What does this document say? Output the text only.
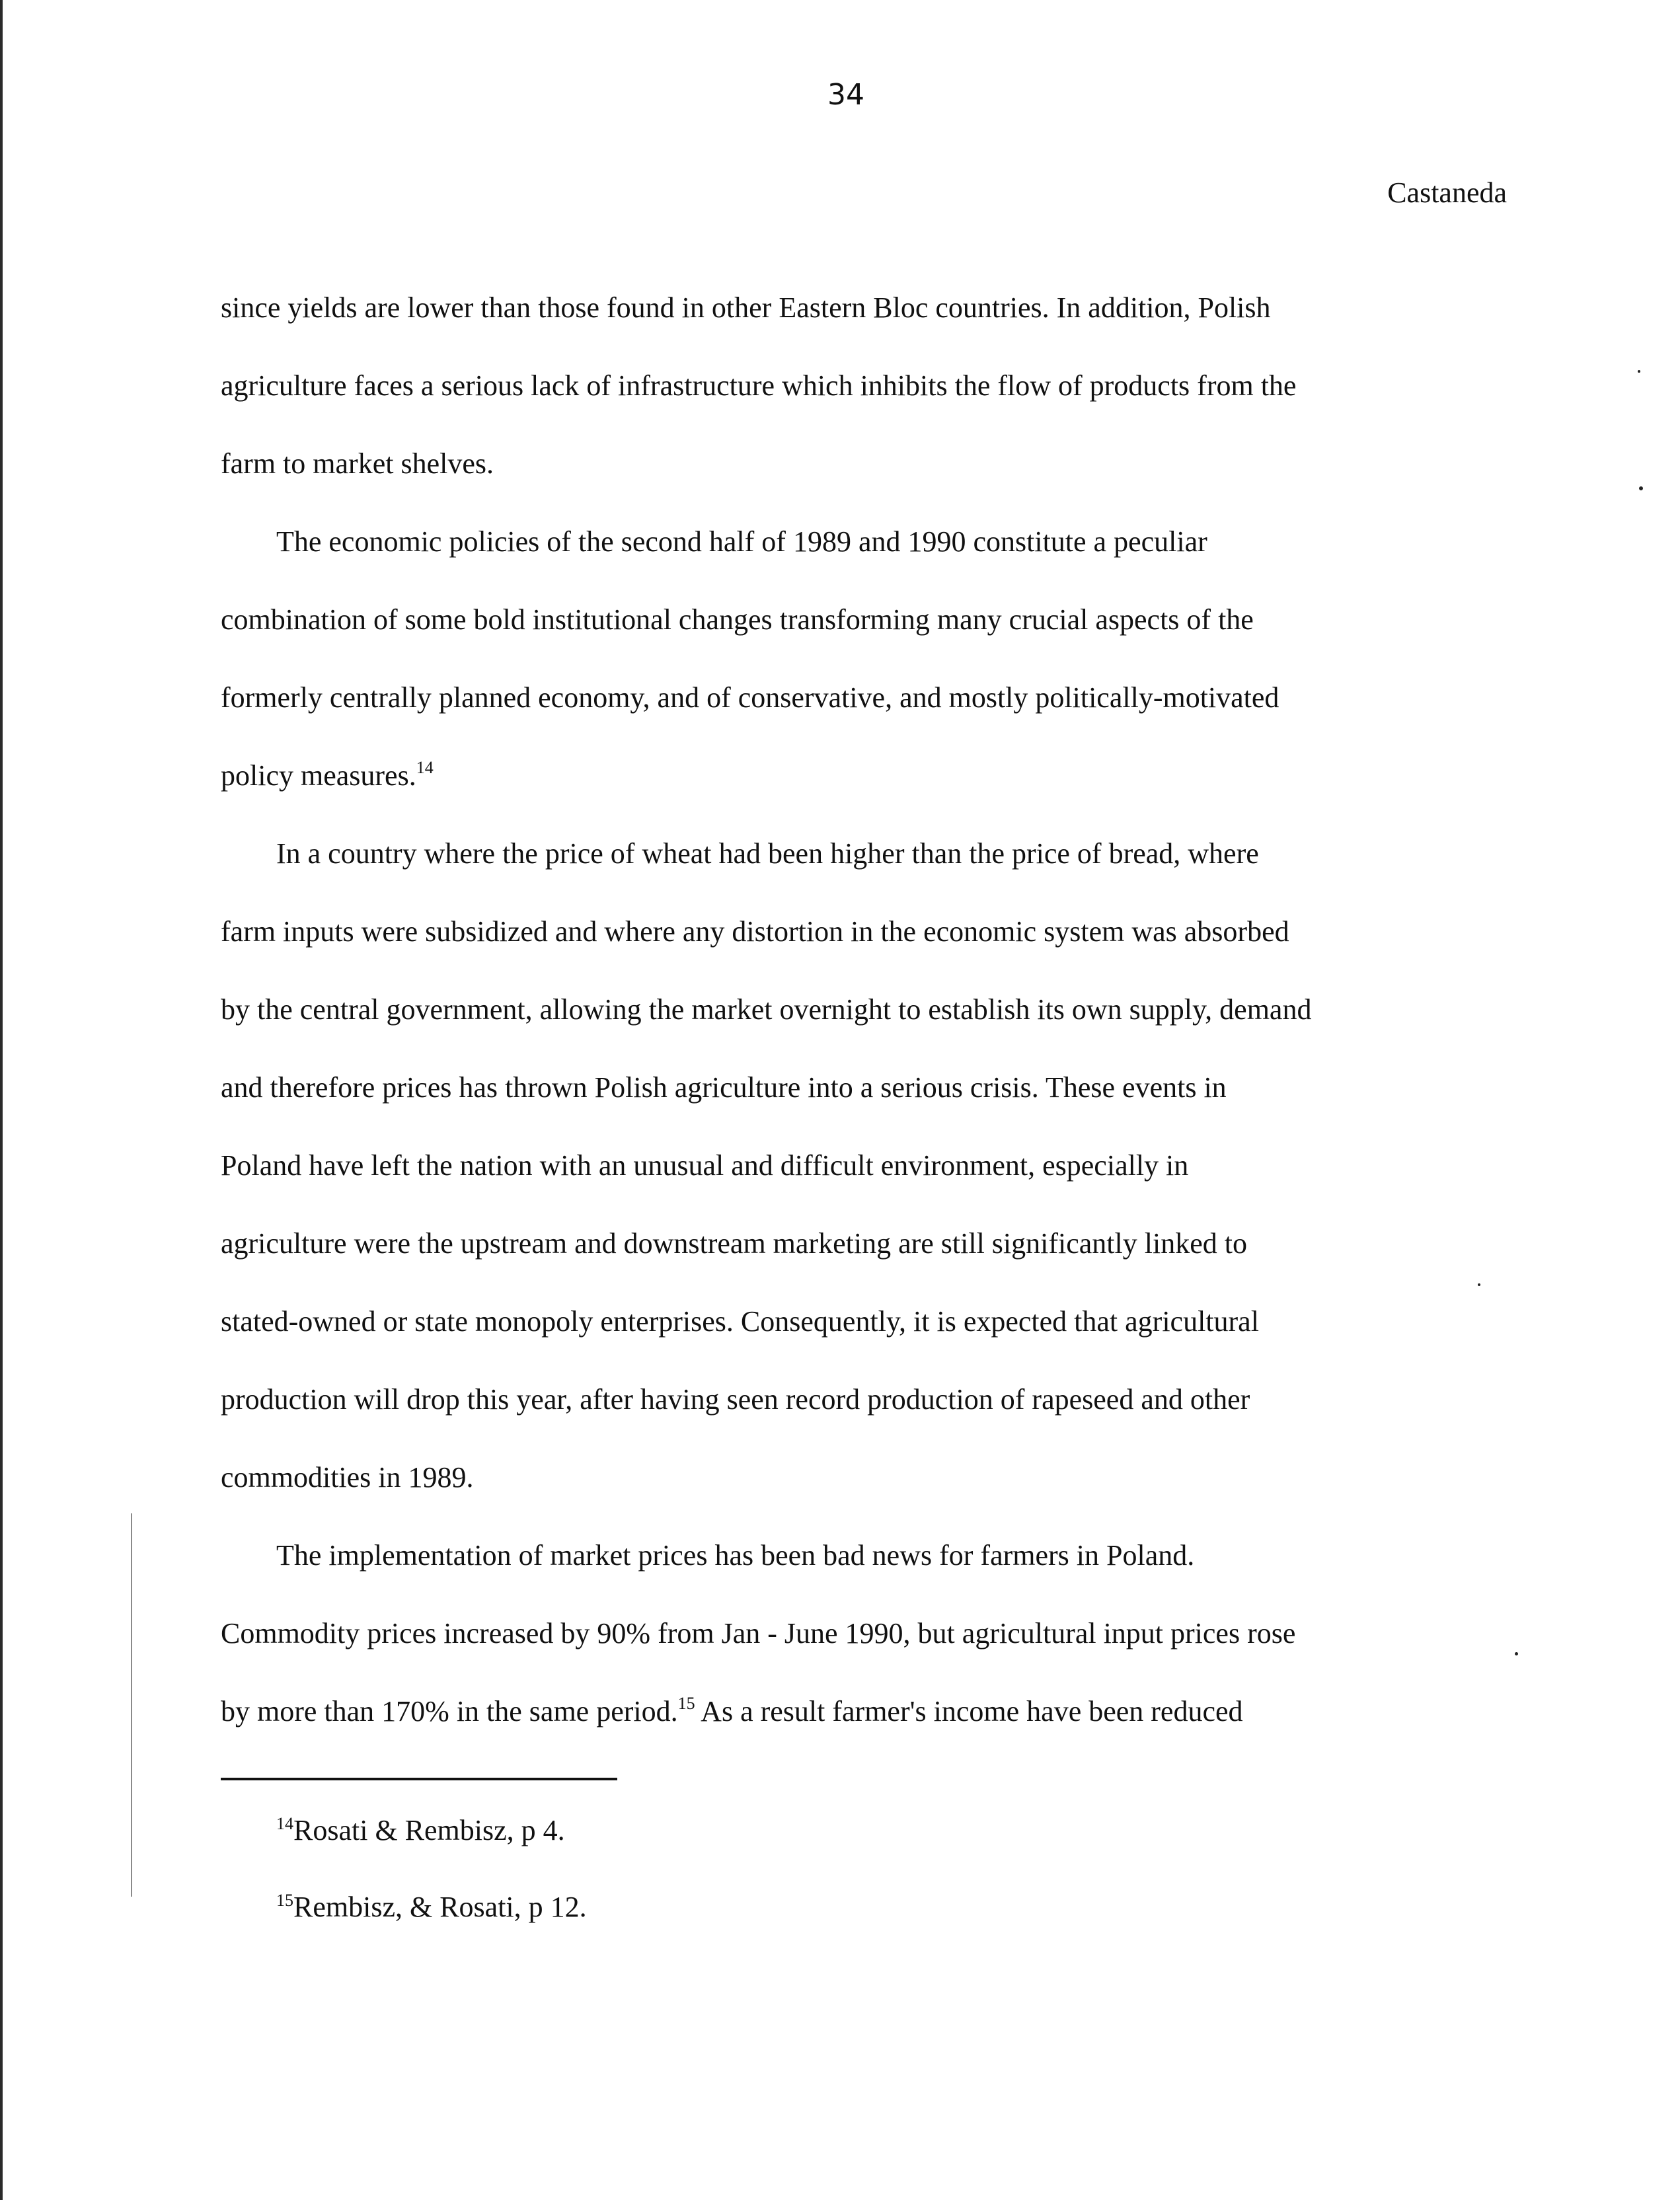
34
Castaneda
since yields are lower than those found in other Eastern Bloc countries. In addition, Polish
agriculture faces a serious lack of infrastructure which inhibits the flow of products from the
farm to market shelves.
The economic policies of the second half of 1989 and 1990 constitute a peculiar
combination of some bold institutional changes transforming many crucial aspects of the
formerly centrally planned economy, and of conservative, and mostly politically-motivated
policy measures.$^{14}$
In a country where the price of wheat had been higher than the price of bread, where
farm inputs were subsidized and where any distortion in the economic system was absorbed
by the central government, allowing the market overnight to establish its own supply, demand
and therefore prices has thrown Polish agriculture into a serious crisis. These events in
Poland have left the nation with an unusual and difficult environment, especially in
agriculture were the upstream and downstream marketing are still significantly linked to
stated-owned or state monopoly enterprises. Consequently, it is expected that agricultural
production will drop this year, after having seen record production of rapeseed and other
commodities in 1989.
The implementation of market prices has been bad news for farmers in Poland.
Commodity prices increased by 90% from Jan - June 1990, but agricultural input prices rose
by more than 170% in the same period.$^{15}$ As a result farmer's income have been reduced
$^{14}$Rosati & Rembisz, p 4.
$^{15}$Rembisz, & Rosati, p 12.
